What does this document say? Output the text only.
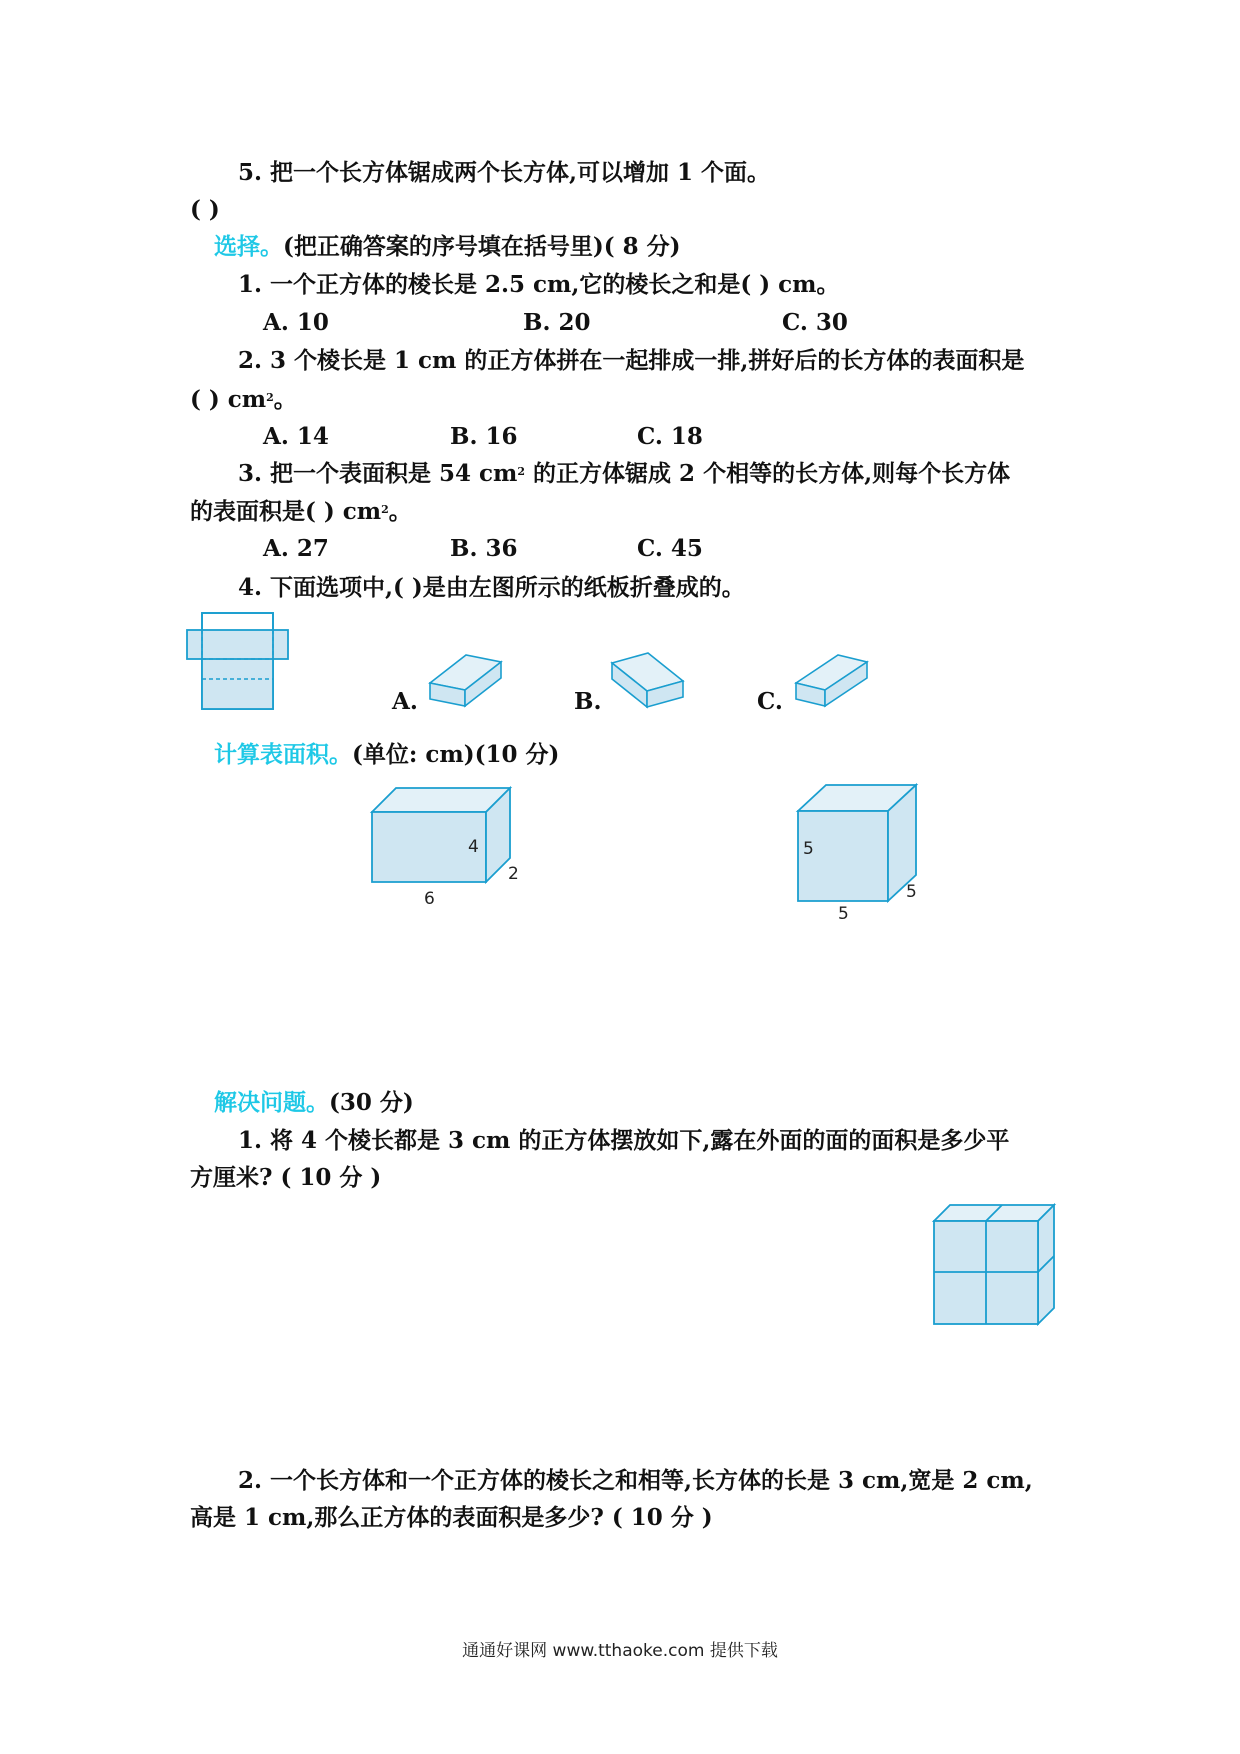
5. 把一个长方体锯成两个长方体,可以增加 1 个面。
( )
选择。(把正确答案的序号填在括号里)( 8 分)
1. 一个正方体的棱长是 2.5 cm,它的棱长之和是( ) cm。
A. 10	B. 20	C. 30
2. 3 个棱长是 1 cm 的正方体拼在一起排成一排,拼好后的长方体的表面积是
( ) $cm^2$。
A. 14	B. 16	C. 18
3. 把一个表面积是 54 $cm^2$ 的正方体锯成 2 个相等的长方体,则每个长方体
的表面积是( ) $cm^2$。
A. 27	B. 36	C. 45
4. 下面选项中,( )是由左图所示的纸板折叠成的。
A.	B.	C.
计算表面积。(单位: cm)(10 分)
4
2
6
5
5
5
解决问题。(30 分)
1. 将 4 个棱长都是 3 cm 的正方体摆放如下,露在外面的面的面积是多少平
方厘米? ( 10 分 )
2. 一个长方体和一个正方体的棱长之和相等,长方体的长是 3 cm,宽是 2 cm,
高是 1 cm,那么正方体的表面积是多少? ( 10 分 )
通通好课网 www.tthaoke.com 提供下载
